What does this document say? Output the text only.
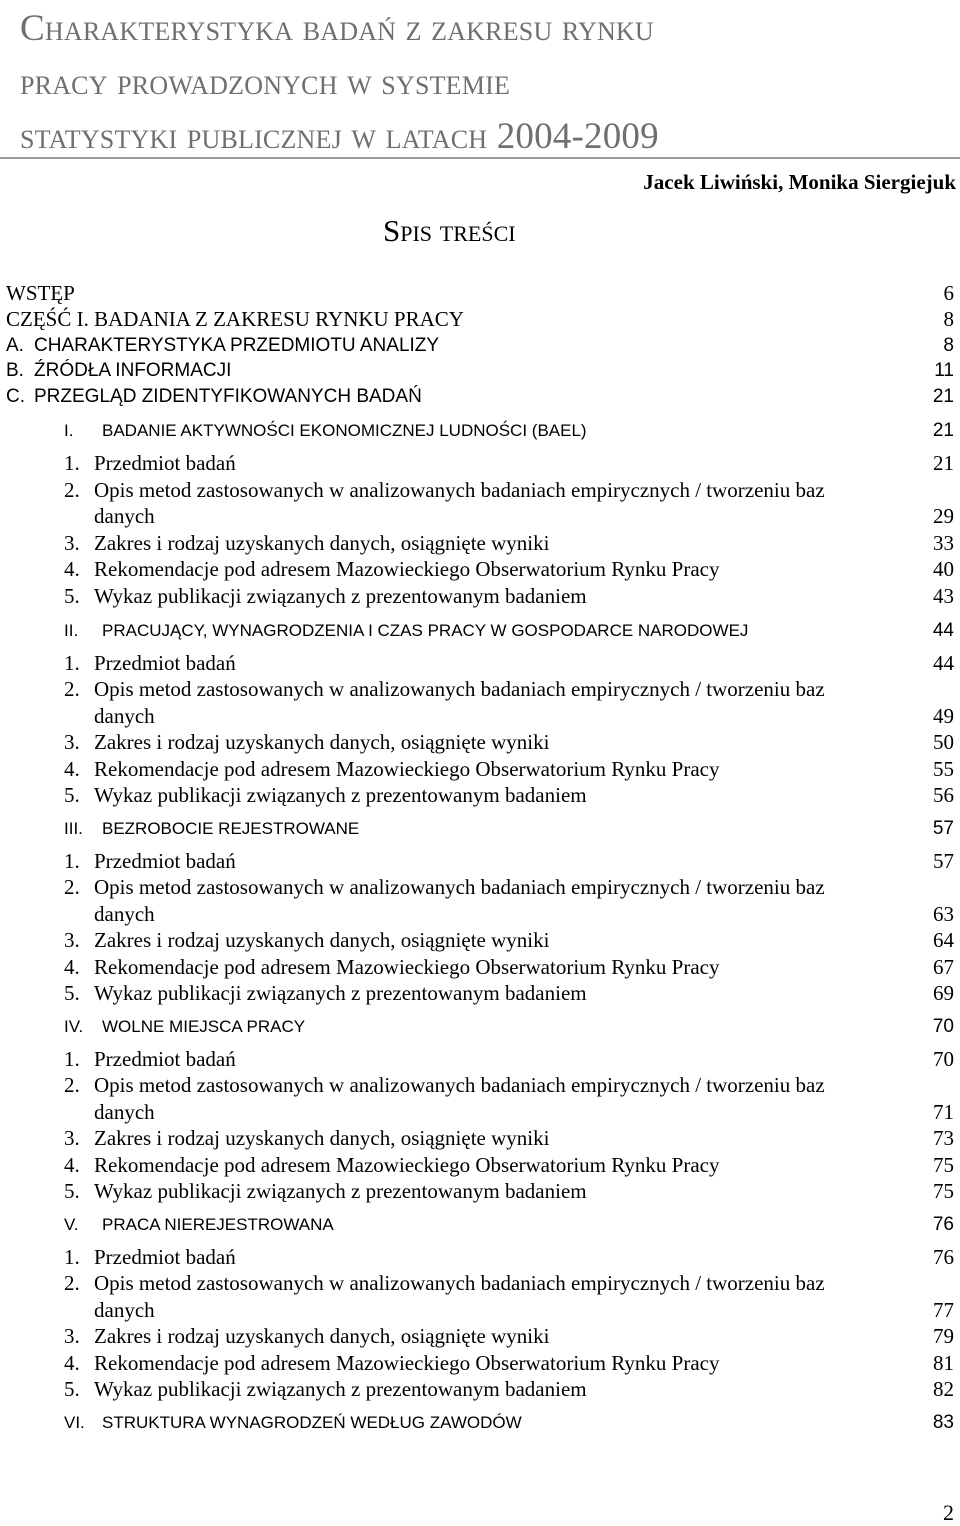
Charakterystyka badań z zakresu rynku
pracy prowadzonych w systemie
statystyki publicznej w latach 2004-2009
Jacek Liwiński, Monika Siergiejuk
Spis treści
WSTĘP	6
CZĘŚĆ I. BADANIA Z ZAKRESU RYNKU PRACY	8
A. CHARAKTERYSTYKA PRZEDMIOTU ANALIZY	8
B. ŹRÓDŁA INFORMACJI	11
C. PRZEGLĄD ZIDENTYFIKOWANYCH BADAŃ	21
I. BADANIE AKTYWNOŚCI EKONOMICZNEJ LUDNOŚCI (BAEL)	21
1. Przedmiot badań	21
2. Opis metod zastosowanych w analizowanych badaniach empirycznych / tworzeniu baz
danych	29
3. Zakres i rodzaj uzyskanych danych, osiągnięte wyniki	33
4. Rekomendacje pod adresem Mazowieckiego Obserwatorium Rynku Pracy	40
5. Wykaz publikacji związanych z prezentowanym badaniem	43
II. PRACUJĄCY, WYNAGRODZENIA I CZAS PRACY W GOSPODARCE NARODOWEJ	44
1. Przedmiot badań	44
2. Opis metod zastosowanych w analizowanych badaniach empirycznych / tworzeniu baz
danych	49
3. Zakres i rodzaj uzyskanych danych, osiągnięte wyniki	50
4. Rekomendacje pod adresem Mazowieckiego Obserwatorium Rynku Pracy	55
5. Wykaz publikacji związanych z prezentowanym badaniem	56
III. BEZROBOCIE REJESTROWANE	57
1. Przedmiot badań	57
2. Opis metod zastosowanych w analizowanych badaniach empirycznych / tworzeniu baz
danych	63
3. Zakres i rodzaj uzyskanych danych, osiągnięte wyniki	64
4. Rekomendacje pod adresem Mazowieckiego Obserwatorium Rynku Pracy	67
5. Wykaz publikacji związanych z prezentowanym badaniem	69
IV. WOLNE MIEJSCA PRACY	70
1. Przedmiot badań	70
2. Opis metod zastosowanych w analizowanych badaniach empirycznych / tworzeniu baz
danych	71
3. Zakres i rodzaj uzyskanych danych, osiągnięte wyniki	73
4. Rekomendacje pod adresem Mazowieckiego Obserwatorium Rynku Pracy	75
5. Wykaz publikacji związanych z prezentowanym badaniem	75
V. PRACA NIEREJESTROWANA	76
1. Przedmiot badań	76
2. Opis metod zastosowanych w analizowanych badaniach empirycznych / tworzeniu baz
danych	77
3. Zakres i rodzaj uzyskanych danych, osiągnięte wyniki	79
4. Rekomendacje pod adresem Mazowieckiego Obserwatorium Rynku Pracy	81
5. Wykaz publikacji związanych z prezentowanym badaniem	82
VI. STRUKTURA WYNAGRODZEŃ WEDŁUG ZAWODÓW	83
2
